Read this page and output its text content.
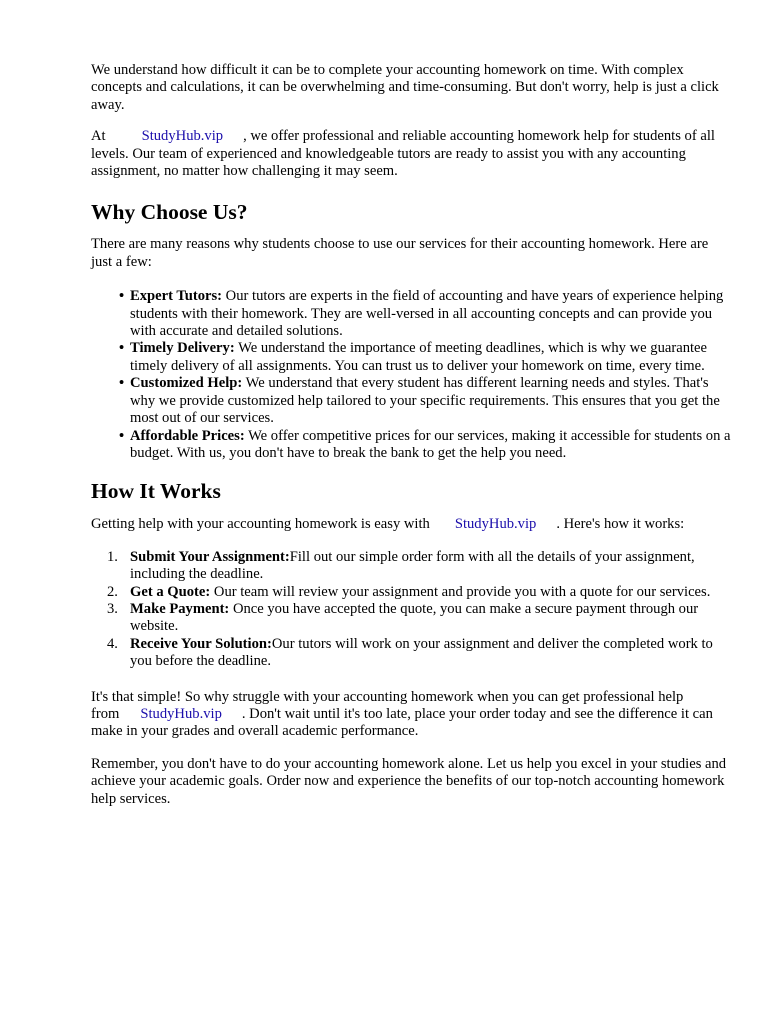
We understand how difficult it can be to complete your accounting homework on time. With complex concepts and calculations, it can be overwhelming and time-consuming. But don't worry, help is just a click away.

At StudyHub.vip , we offer professional and reliable accounting homework help for students of all levels. Our team of experienced and knowledgeable tutors are ready to assist you with any accounting assignment, no matter how challenging it may seem.

Why Choose Us?

There are many reasons why students choose to use our services for their accounting homework. Here are just a few:

• Expert Tutors: Our tutors are experts in the field of accounting and have years of experience helping students with their homework. They are well-versed in all accounting concepts and can provide you with accurate and detailed solutions.
• Timely Delivery: We understand the importance of meeting deadlines, which is why we guarantee timely delivery of all assignments. You can trust us to deliver your homework on time, every time.
• Customized Help: We understand that every student has different learning needs and styles. That's why we provide customized help tailored to your specific requirements. This ensures that you get the most out of our services.
• Affordable Prices: We offer competitive prices for our services, making it accessible for students on a budget. With us, you don't have to break the bank to get the help you need.
How It Works

Getting help with your accounting homework is easy with StudyHub.vip . Here's how it works:

1. Submit Your Assignment:Fill out our simple order form with all the details of your assignment, including the deadline.
2. Get a Quote: Our team will review your assignment and provide you with a quote for our services.
3. Make Payment: Once you have accepted the quote, you can make a secure payment through our website.
4. Receive Your Solution:Our tutors will work on your assignment and deliver the completed work to you before the deadline.

It's that simple! So why struggle with your accounting homework when you can get professional help from StudyHub.vip . Don't wait until it's too late, place your order today and see the difference it can make in your grades and overall academic performance.

Remember, you don't have to do your accounting homework alone. Let us help you excel in your studies and achieve your academic goals. Order now and experience the benefits of our top-notch accounting homework help services.
